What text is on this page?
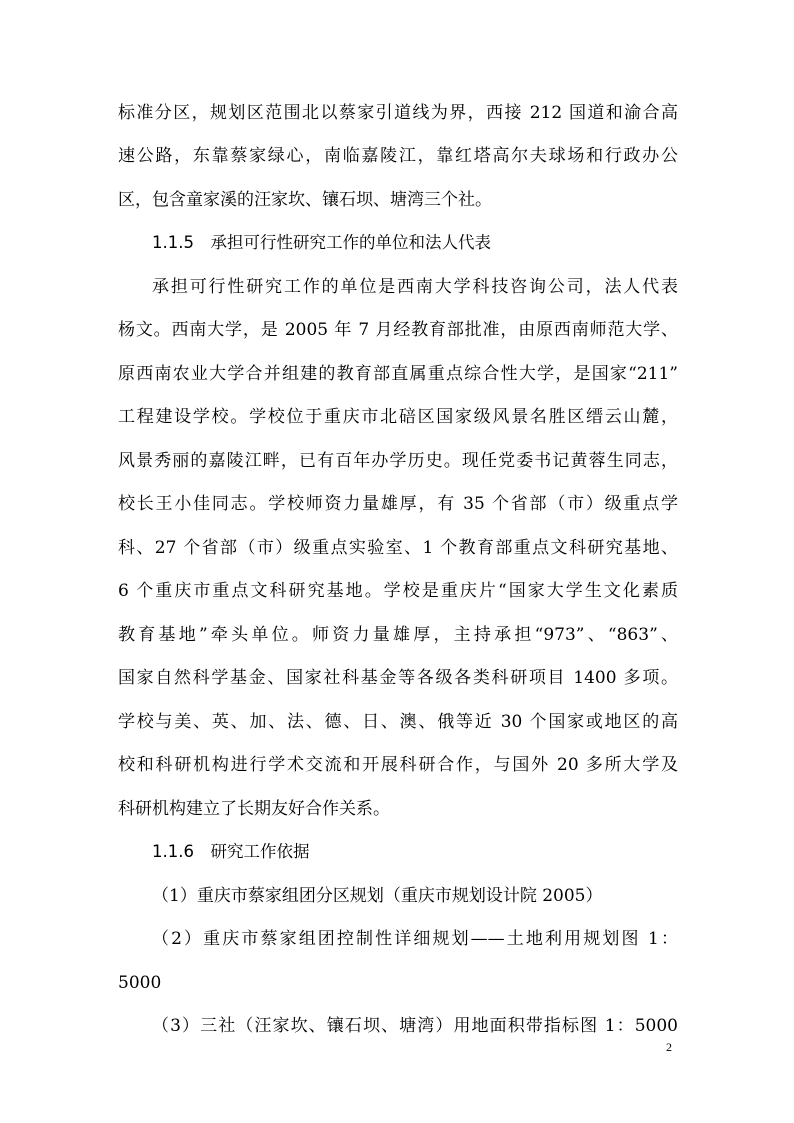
标准分区，规划区范围北以蔡家引道线为界，西接 212 国道和渝合高
速公路，东靠蔡家绿心，南临嘉陵江，靠红塔高尔夫球场和行政办公
区，包含童家溪的汪家坎、镶石坝、塘湾三个社。
1.1.5　承担可行性研究工作的单位和法人代表
承担可行性研究工作的单位是西南大学科技咨询公司，法人代表
杨文。西南大学，是 2005 年 7 月经教育部批准，由原西南师范大学、
原西南农业大学合并组建的教育部直属重点综合性大学，是国家“211”
工程建设学校。学校位于重庆市北碚区国家级风景名胜区缙云山麓，
风景秀丽的嘉陵江畔，已有百年办学历史。现任党委书记黄蓉生同志，
校长王小佳同志。学校师资力量雄厚，有 35 个省部（市）级重点学
科、27 个省部（市）级重点实验室、1 个教育部重点文科研究基地、
6 个重庆市重点文科研究基地。学校是重庆片“国家大学生文化素质
教育基地”牵头单位。师资力量雄厚，主持承担“973”、“863”、
国家自然科学基金、国家社科基金等各级各类科研项目 1400 多项。
学校与美、英、加、法、德、日、澳、俄等近 30 个国家或地区的高
校和科研机构进行学术交流和开展科研合作，与国外 20 多所大学及
科研机构建立了长期友好合作关系。
1.1.6　研究工作依据
（1）重庆市蔡家组团分区规划（重庆市规划设计院 2005）
（2）重庆市蔡家组团控制性详细规划——土地利用规划图 1：
5000
（3）三社（汪家坎、镶石坝、塘湾）用地面积带指标图 1：5000
2
